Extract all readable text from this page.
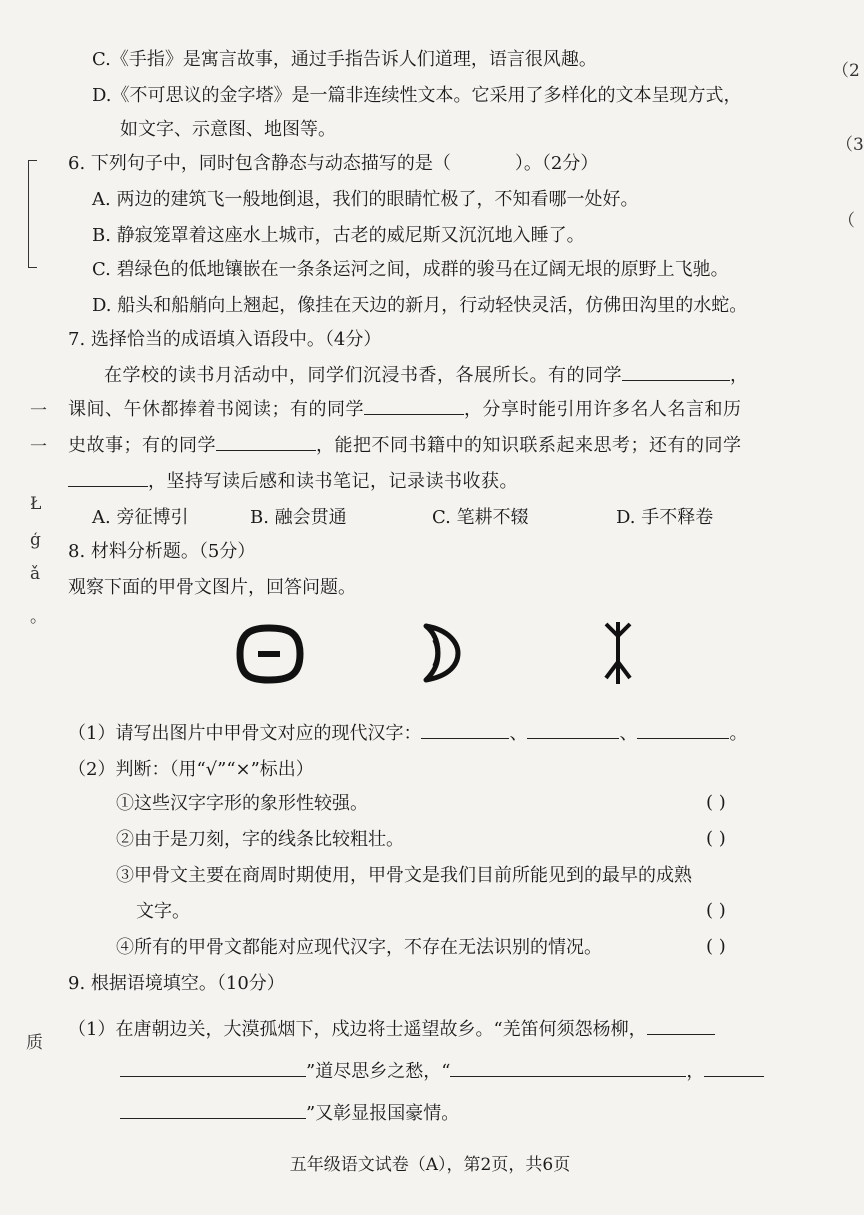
（2
（3
（
一
一
Ł
ģ
ǎ
。
质
C.《手指》是寓言故事，通过手指告诉人们道理，语言很风趣。
D.《不可思议的金字塔》是一篇非连续性文本。它采用了多样化的文本呈现方式，
如文字、示意图、地图等。
6. 下列句子中，同时包含静态与动态描写的是（	）。（2分）
A. 两边的建筑飞一般地倒退，我们的眼睛忙极了，不知看哪一处好。
B. 静寂笼罩着这座水上城市，古老的威尼斯又沉沉地入睡了。
C. 碧绿色的低地镶嵌在一条条运河之间，成群的骏马在辽阔无垠的原野上飞驰。
D. 船头和船艄向上翘起，像挂在天边的新月，行动轻快灵活，仿佛田沟里的水蛇。
7. 选择恰当的成语填入语段中。（4分）
在学校的读书月活动中，同学们沉浸书香，各展所长。有的同学	，
课间、午休都捧着书阅读；有的同学	，分享时能引用许多名人名言和历
史故事；有的同学	，能把不同书籍中的知识联系起来思考；还有的同学
，坚持写读后感和读书笔记，记录读书收获。
A. 旁征博引	B. 融会贯通	C. 笔耕不辍	D. 手不释卷
8. 材料分析题。（5分）
观察下面的甲骨文图片，回答问题。
（1）请写出图片中甲骨文对应的现代汉字：	、	、	。
（2）判断：（用“√”“×”标出）
①这些汉字字形的象形性较强。	( )
②由于是刀刻，字的线条比较粗壮。	( )
③甲骨文主要在商周时期使用，甲骨文是我们目前所能见到的最早的成熟
文字。	( )
④所有的甲骨文都能对应现代汉字，不存在无法识别的情况。	( )
9. 根据语境填空。（10分）
（1）在唐朝边关，大漠孤烟下，戍边将士遥望故乡。“羌笛何须怨杨柳，
”道尽思乡之愁，“	，
”又彰显报国豪情。
五年级语文试卷（A），第2页，共6页
